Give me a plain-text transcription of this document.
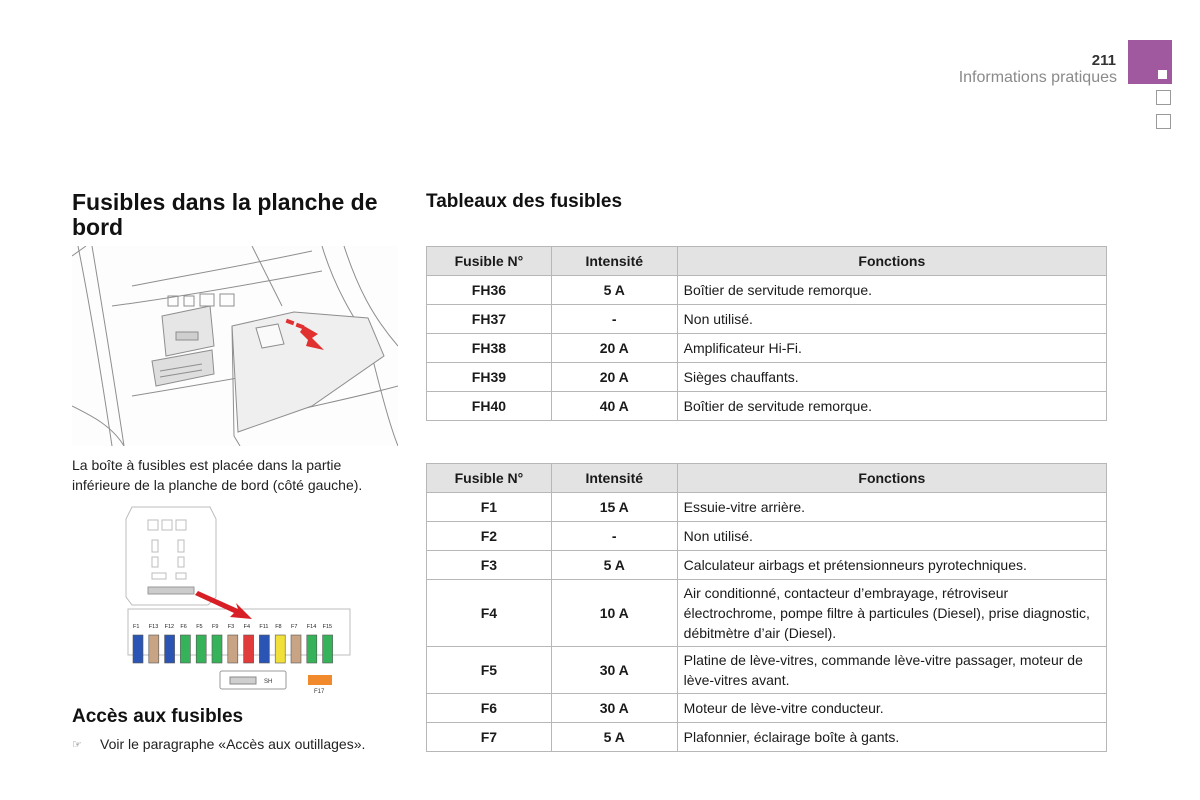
211
Informations pratiques
Fusibles dans la planche de bord
La boîte à fusibles est placée dans la partie inférieure de la planche de bord (côté gauche).
F1 F13 F12 F6 F5 F9 F3 F4 F11 F8 F7 F14 F15
SH
F17
Accès aux fusibles
☞	Voir le paragraphe «Accès aux outillages».
Tableaux des fusibles
Fusible N°	Intensité	Fonctions
FH36	5 A	Boîtier de servitude remorque.
FH37	-	Non utilisé.
FH38	20 A	Amplificateur Hi-Fi.
FH39	20 A	Sièges chauffants.
FH40	40 A	Boîtier de servitude remorque.
Fusible N°	Intensité	Fonctions
F1	15 A	Essuie-vitre arrière.
F2	-	Non utilisé.
F3	5 A	Calculateur airbags et prétensionneurs pyrotechniques.
F4	10 A	Air conditionné, contacteur d’embrayage, rétroviseur électrochrome, pompe filtre à particules (Diesel), prise diagnostic, débitmètre d’air (Diesel).
F5	30 A	Platine de lève-vitres, commande lève-vitre passager, moteur de lève-vitres avant.
F6	30 A	Moteur de lève-vitre conducteur.
F7	5 A	Plafonnier, éclairage boîte à gants.
